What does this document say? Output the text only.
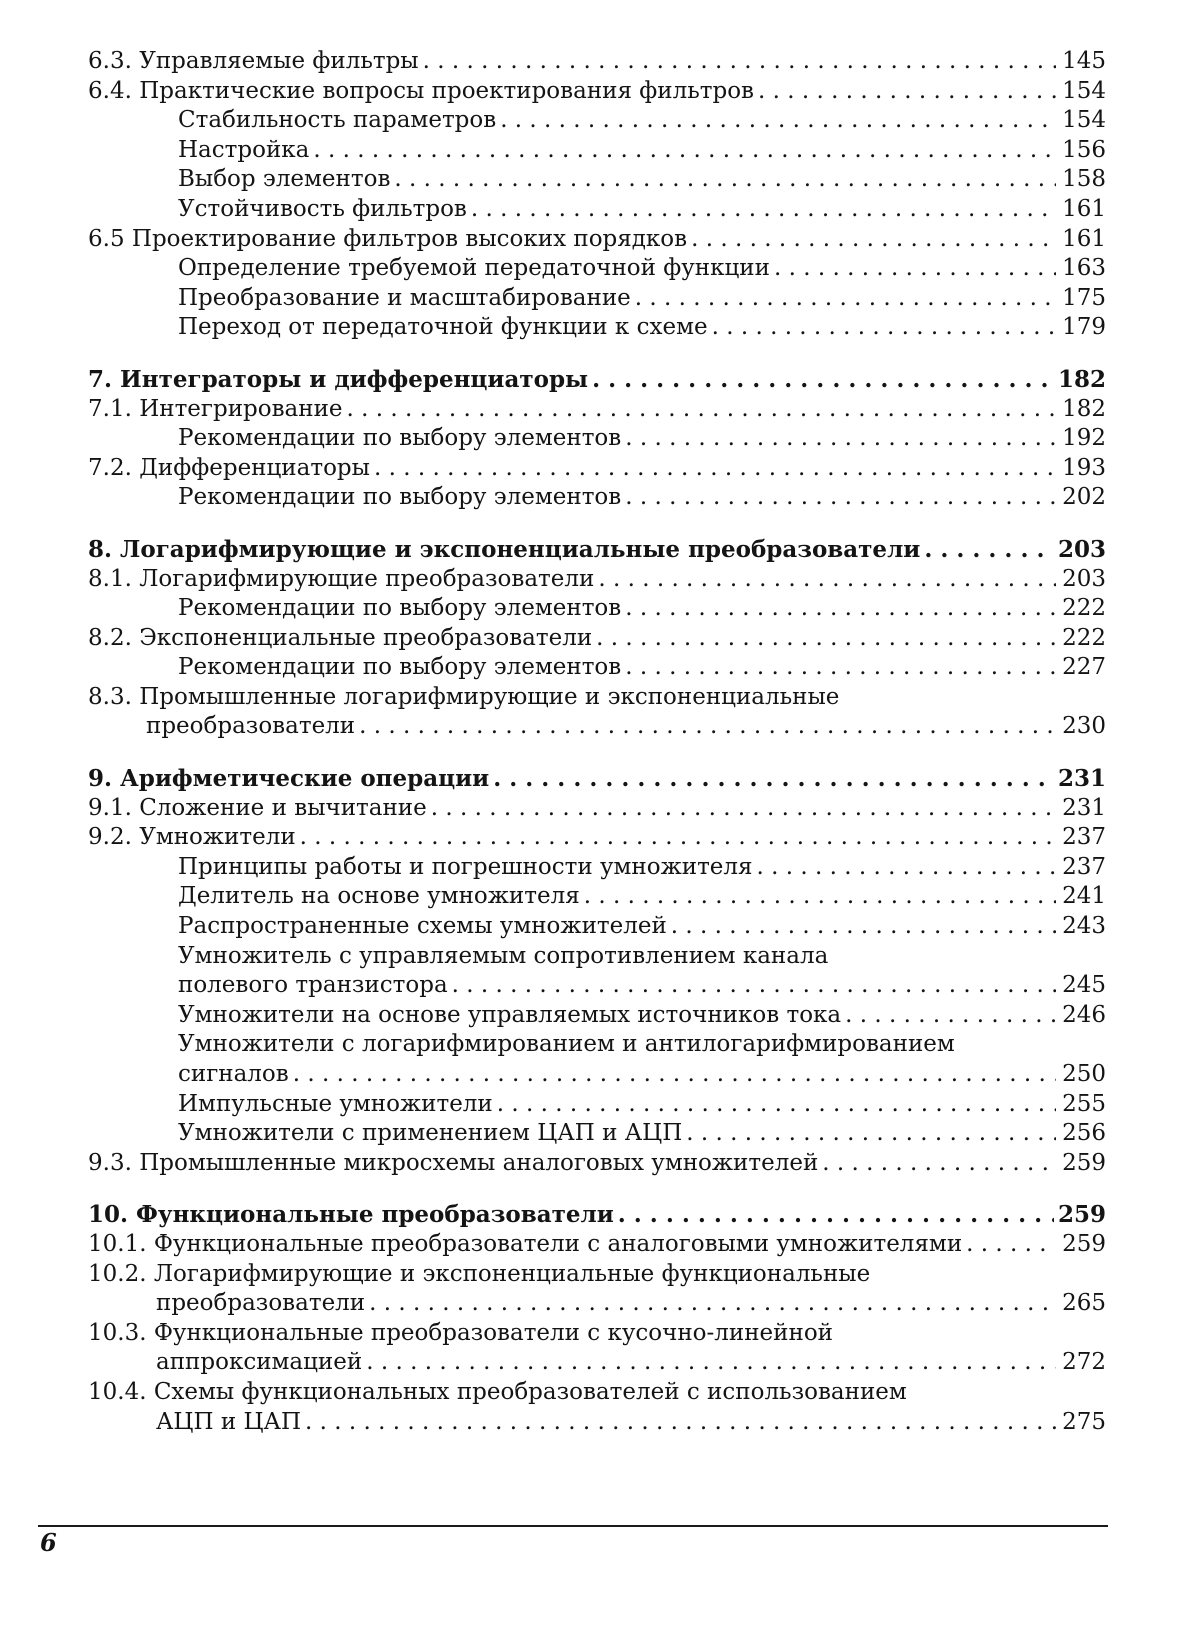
6.3. Управляемые фильтры . . .	145
6.4. Практические вопросы проектирования фильтров . . .	154
Стабильность параметров . . .	154
Настройка . . .	156
Выбор элементов . . .	158
Устойчивость фильтров . . .	161
6.5 Проектирование фильтров высоких порядков . . .	161
Определение требуемой передаточной функции . . .	163
Преобразование и масштабирование . . .	175
Переход от передаточной функции к схеме . . .	179
7. Интеграторы и дифференциаторы . . .	182
7.1. Интегрирование . . .	182
Рекомендации по выбору элементов . . .	192
7.2. Дифференциаторы . . .	193
Рекомендации по выбору элементов . . .	202
8. Логарифмирующие и экспоненциальные преобразователи . . .	203
8.1. Логарифмирующие преобразователи . . .	203
Рекомендации по выбору элементов . . .	222
8.2. Экспоненциальные преобразователи . . .	222
Рекомендации по выбору элементов . . .	227
8.3. Промышленные логарифмирующие и экспоненциальные
преобразователи . . .	230
9. Арифметические операции . . .	231
9.1. Сложение и вычитание . . .	231
9.2. Умножители . . .	237
Принципы работы и погрешности умножителя . . .	237
Делитель на основе умножителя . . .	241
Распространенные схемы умножителей . . .	243
Умножитель с управляемым сопротивлением канала
полевого транзистора . . .	245
Умножители на основе управляемых источников тока . . .	246
Умножители с логарифмированием и антилогарифмированием
сигналов . . .	250
Импульсные умножители . . .	255
Умножители с применением ЦАП и АЦП . . .	256
9.3. Промышленные микросхемы аналоговых умножителей . . .	259
10. Функциональные преобразователи . . .	259
10.1. Функциональные преобразователи с аналоговыми умножителями . . .	259
10.2. Логарифмирующие и экспоненциальные функциональные
преобразователи . . .	265
10.3. Функциональные преобразователи с кусочно-линейной
аппроксимацией . . .	272
10.4. Схемы функциональных преобразователей с использованием
АЦП и ЦАП . . .	275
6
